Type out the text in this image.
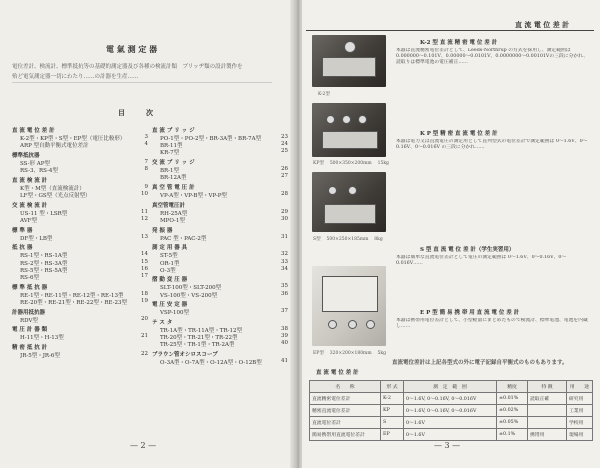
電 氣 測 定 器
電位差計、検流計、標準抵抗等の基礎的測定器及び各種の検流計類　ブリッヂ類の設計製作を
殆ど電気測定器一切にわたり……の計器を生産……
目　　　次
直 流 電 位 差 計
K-2型・KP型・S型・EP型（電圧比較形）	3
ARP 型自動平衡式電位差計	4
標準抵抗器
SS-形 AP型	7
RS-3、RS-4型	8
直 流 検 流 計
K型・M型（直流検流計）	9
LF型・GS型（光点反射型）	10
交 流 検 流 計
US-11 型・LSR型	11
AVF型	12
標 準 器
DF型・LB型	13
抵 抗 器
RS-1型・RS-1A型	14
RS-2型・RS-3A型	15
RS-5型・RS-5A型	16
RS-6型	17
標 準 抵 抗 器
RE-1型・RE-11型・RE-12型・RE-13型	18
RE-20型・RE-21型・RE-22型・RE-23型	19
計器用抵抗器
RDV型	20
電 圧 計 器 類
H-11型・H-13型	21
精 密 抵 抗 計
JR-5型・JR-6型	22
直 流 ブ リ ッ ジ
PO-1型・PO-2型・BR-3A型・BR-7A型	23
BR-11型	24
KR-7型	25
交 流 ブ リ ッ ジ
BR-1型	26
BR-12A型	27
真 空 管 電 圧 計
VP-A型・VP-B型・VP-P型	28
真空管電圧計
RH-25A型	29
MPO-1型	30
発 振 器
PAC 型・PAC-2型	31
測 定 用 器 具
ST-5型	32
OR-1型	33
O-3型	34
摺 動 変 圧 器
SLT-100型・SLT-200型	35
VS-100型・VS-200型	36
電 圧 安 定 器
VSP-100型	37
テ ス タ
TR-1A型・TR-11A型・TR-12型	38
TR-20型・TR-21型・TR-22型	39
TR-25型・TR-1型・TR-2A型	40
ブラウン管オシロスコープ
O-3A型・O-7A型・O-12A型・O-12B型	41
— 2 —
直 流 電 位 差 計
K-2型
KP型 　500×350×200mm 　15kg
S型 　500×250×185mm 　8kg
EP型 　320×200×180mm 　5kg
K-2 型 直 流 精 密 電 位 差 計
本器は直流精密電位差計として、Leeds-Northrup の方式を採用し、測定範囲は 0.000000～0.101V、0.00000～0.0101V、0.0000000～0.00101Vの三段に分かれ、読取りは標準電池の電圧補正……
K P 型 精 密 直 流 電 位 差 計
本器は電力又は直流電圧の測定用として直列型式の電位差計で測定範囲は 0～1.6V、0～0.16V、0～0.016V の三段に分かれ……
S 型 直 流 電 位 差 計（学生実習用）
本器は簡単な直流電位差計として電圧の測定範囲は 0～1.6V、0～0.16V、0～0.016V……
E P 型 簡 易 携 帯 用 直 流 電 位 差 計
本器は携帯用電位差計として、小型軽量にまとめたもので検流計、標準電池、電池を内蔵し……
直流電位差計は上記各型式の外に電子記録自平衡式のものもあります。
直 流 電 位 差 計
名　　称	形 式	測　定　範　囲	精度	特 徴	用　　途
直流精密電位差計	K-2	0～1.6V, 0～0.16V, 0～0.016V	±0.01%	読取正確	研究用
精密直流電位差計	KP	0～1.6V, 0～0.16V, 0～0.016V	±0.02%		工業用
直流電位差計	S	0～1.6V	±0.05%		学校用
簡易携帯用直流電位差計	EP	0～1.6V	±0.1%	携帯用	現場用
— 3 —
